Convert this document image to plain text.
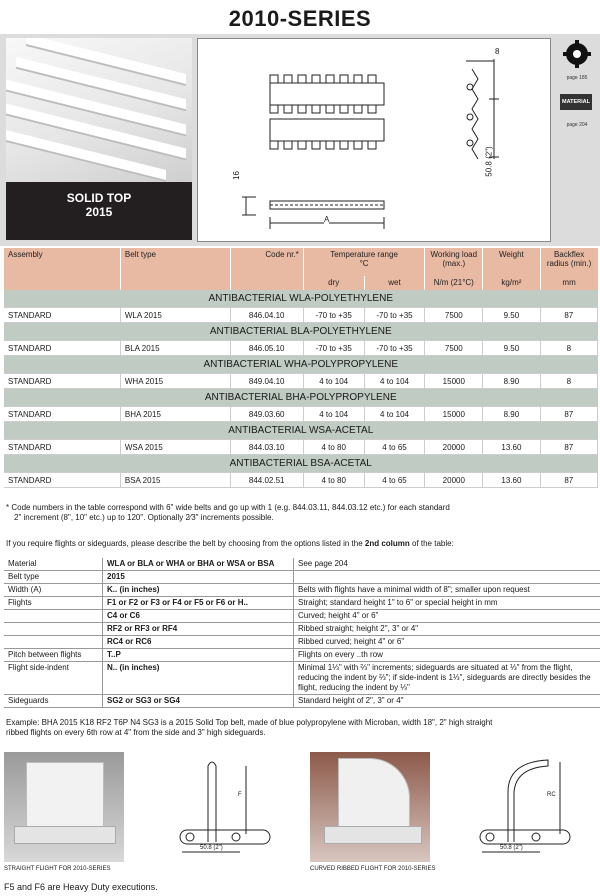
2010-SERIES
SOLID TOP
2015
8
16	50.8 (2")
A
page 185
MATERIAL
page 204
Assembly	Belt type	Code nr.*	Temperature range
°C		Working load (max.)	Weight	Backflex radius (min.)
			dry	wet	N/m (21°C)	kg/m²	mm
ANTIBACTERIAL WLA-POLYETHYLENE							
STANDARD	WLA 2015	846.04.10	-70 to +35	-70 to +35	7500	9.50	87
ANTIBACTERIAL BLA-POLYETHYLENE							
STANDARD	BLA 2015	846.05.10	-70 to +35	-70 to +35	7500	9.50	8
ANTIBACTERIAL WHA-POLYPROPYLENE							
STANDARD	WHA 2015	849.04.10	4 to 104	4 to 104	15000	8.90	8
ANTIBACTERIAL BHA-POLYPROPYLENE							
STANDARD	BHA 2015	849.03.60	4 to 104	4 to 104	15000	8.90	87
ANTIBACTERIAL WSA-ACETAL							
STANDARD	WSA 2015	844.03.10	4 to 80	4 to 65	20000	13.60	87
ANTIBACTERIAL BSA-ACETAL							
STANDARD	BSA 2015	844.02.51	4 to 80	4 to 65	20000	13.60	87
* Code numbers in the table correspond with 6" wide belts and go up with 1 (e.g. 844.03.11, 844.03.12 etc.) for each standard
2" increment (8", 10" etc.) up to 120". Optionally 2⁄3" increments possible.
If you require flights or sideguards, please describe the belt by choosing from the options listed in the 2nd column of the table:
Material	WLA or BLA or WHA or BHA or WSA or BSA	See page 204
Belt type	2015	
Width (A)	K.. (in inches)	Belts with flights have a minimal width of 8"; smaller upon request
Flights	F1 or F2 or F3 or F4 or F5 or F6 or H..	Straight; standard height 1" to 6" or special height in mm
	C4 or C6	Curved; height 4" or 6"
	RF2 or RF3 or RF4	Ribbed straight; height 2", 3" or 4"
	RC4 or RC6	Ribbed curved; height 4" or 6"
Pitch between flights	T..P	Flights on every ..th row
Flight side-indent	N.. (in inches)	Minimal 1⅓" with ⅔" increments; sideguards are situated at ⅓" from the flight, reducing the indent by ⅔"; if side-indent is 1⅓", sideguards are directly besides the flight, reducing the indent by ⅓"
Sideguards	SG2 or SG3 or SG4	Standard height of 2", 3" or 4"
Example: BHA 2015 K18 RF2 T6P N4 SG3 is a 2015 Solid Top belt, made of blue polypropylene with Microban, width 18", 2" high straight
ribbed flights on every 6th row at 4" from the side and 3" high sideguards.
F
50.8 (2")
STRAIGHT FLIGHT FOR 2010-SERIES
RC
50.8 (2")
CURVED RIBBED FLIGHT FOR 2010-SERIES
F5 and F6 are Heavy Duty executions.
